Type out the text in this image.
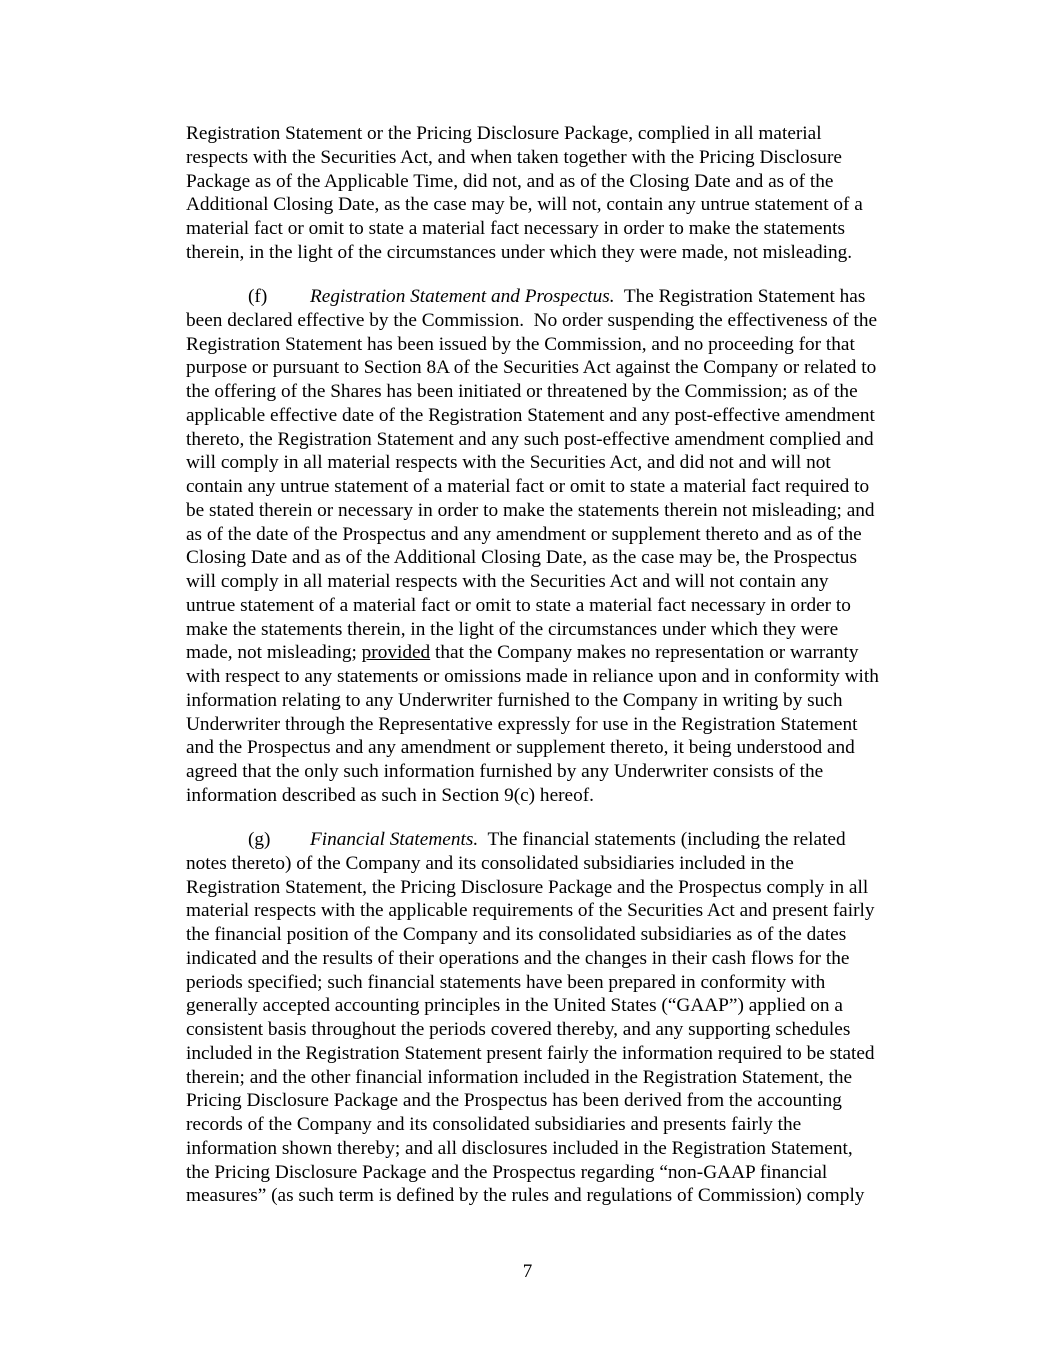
Registration Statement or the Pricing Disclosure Package, complied in all material
respects with the Securities Act, and when taken together with the Pricing Disclosure
Package as of the Applicable Time, did not, and as of the Closing Date and as of the
Additional Closing Date, as the case may be, will not, contain any untrue statement of a
material fact or omit to state a material fact necessary in order to make the statements
therein, in the light of the circumstances under which they were made, not misleading.
(f) Registration Statement and Prospectus.  The Registration Statement has
been declared effective by the Commission.  No order suspending the effectiveness of the
Registration Statement has been issued by the Commission, and no proceeding for that
purpose or pursuant to Section 8A of the Securities Act against the Company or related to
the offering of the Shares has been initiated or threatened by the Commission; as of the
applicable effective date of the Registration Statement and any post-effective amendment
thereto, the Registration Statement and any such post-effective amendment complied and
will comply in all material respects with the Securities Act, and did not and will not
contain any untrue statement of a material fact or omit to state a material fact required to
be stated therein or necessary in order to make the statements therein not misleading; and
as of the date of the Prospectus and any amendment or supplement thereto and as of the
Closing Date and as of the Additional Closing Date, as the case may be, the Prospectus
will comply in all material respects with the Securities Act and will not contain any
untrue statement of a material fact or omit to state a material fact necessary in order to
make the statements therein, in the light of the circumstances under which they were
made, not misleading; provided that the Company makes no representation or warranty
with respect to any statements or omissions made in reliance upon and in conformity with
information relating to any Underwriter furnished to the Company in writing by such
Underwriter through the Representative expressly for use in the Registration Statement
and the Prospectus and any amendment or supplement thereto, it being understood and
agreed that the only such information furnished by any Underwriter consists of the
information described as such in Section 9(c) hereof.
(g) Financial Statements.  The financial statements (including the related
notes thereto) of the Company and its consolidated subsidiaries included in the
Registration Statement, the Pricing Disclosure Package and the Prospectus comply in all
material respects with the applicable requirements of the Securities Act and present fairly
the financial position of the Company and its consolidated subsidiaries as of the dates
indicated and the results of their operations and the changes in their cash flows for the
periods specified; such financial statements have been prepared in conformity with
generally accepted accounting principles in the United States (“GAAP”) applied on a
consistent basis throughout the periods covered thereby, and any supporting schedules
included in the Registration Statement present fairly the information required to be stated
therein; and the other financial information included in the Registration Statement, the
Pricing Disclosure Package and the Prospectus has been derived from the accounting
records of the Company and its consolidated subsidiaries and presents fairly the
information shown thereby; and all disclosures included in the Registration Statement,
the Pricing Disclosure Package and the Prospectus regarding “non-GAAP financial
measures” (as such term is defined by the rules and regulations of Commission) comply
7
